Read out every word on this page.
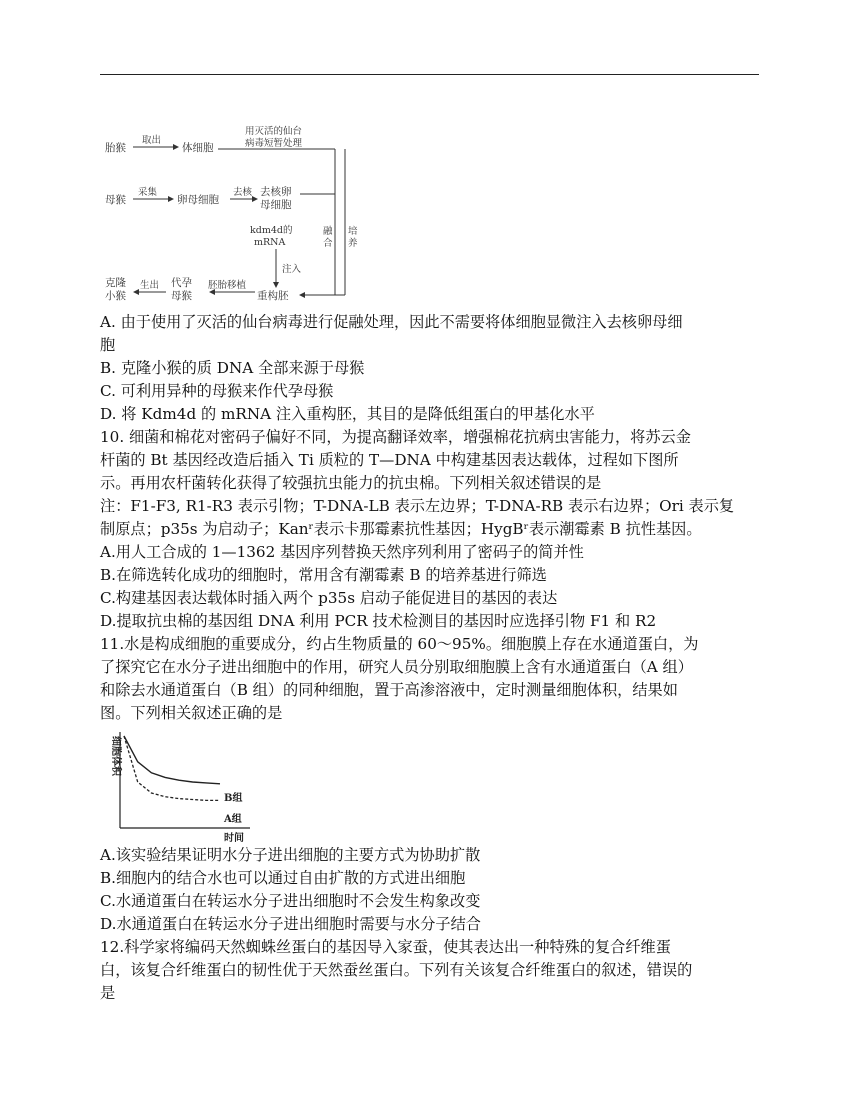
胎猴
取出
体细胞
用灭活的仙台
病毒短暂处理
母猴
采集
卵母细胞
去核 去核卵
母细胞
融
合
培
养
kdm4d的
mRNA
注入
重构胚
胚胎移植
代孕
母猴
生出
克隆
小猴
A. 由于使用了灭活的仙台病毒进行促融处理，因此不需要将体细胞显微注入去核卵母细
胞
B. 克隆小猴的质 DNA 全部来源于母猴
C. 可利用异种的母猴来作代孕母猴
D. 将 Kdm4d 的 mRNA 注入重构胚，其目的是降低组蛋白的甲基化水平
10. 细菌和棉花对密码子偏好不同，为提高翻译效率，增强棉花抗病虫害能力，将苏云金
杆菌的 Bt 基因经改造后插入 Ti 质粒的 T—DNA 中构建基因表达载体，过程如下图所
示。再用农杆菌转化获得了较强抗虫能力的抗虫棉。下列相关叙述错误的是
注：F1-F3, R1-R3 表示引物；T-DNA-LB 表示左边界；T-DNA-RB 表示右边界；Ori 表示复
制原点；p35s 为启动子；Kanʳ表示卡那霉素抗性基因；HygBʳ表示潮霉素 B 抗性基因。
A.用人工合成的 1—1362 基因序列替换天然序列利用了密码子的简并性
B.在筛选转化成功的细胞时，常用含有潮霉素 B 的培养基进行筛选
C.构建基因表达载体时插入两个 p35s 启动子能促进目的基因的表达
D.提取抗虫棉的基因组 DNA 利用 PCR 技术检测目的基因时应选择引物 F1 和 R2
11.水是构成细胞的重要成分，约占生物质量的 60～95%。细胞膜上存在水通道蛋白，为
了探究它在水分子进出细胞中的作用，研究人员分别取细胞膜上含有水通道蛋白（A 组）
和除去水通道蛋白（B 组）的同种细胞，置于高渗溶液中，定时测量细胞体积，结果如
图。下列相关叙述正确的是
细胞体积
时间
B组
A组
A.该实验结果证明水分子进出细胞的主要方式为协助扩散
B.细胞内的结合水也可以通过自由扩散的方式进出细胞
C.水通道蛋白在转运水分子进出细胞时不会发生构象改变
D.水通道蛋白在转运水分子进出细胞时需要与水分子结合
12.科学家将编码天然蜘蛛丝蛋白的基因导入家蚕，使其表达出一种特殊的复合纤维蛋
白，该复合纤维蛋白的韧性优于天然蚕丝蛋白。下列有关该复合纤维蛋白的叙述，错误的
是
